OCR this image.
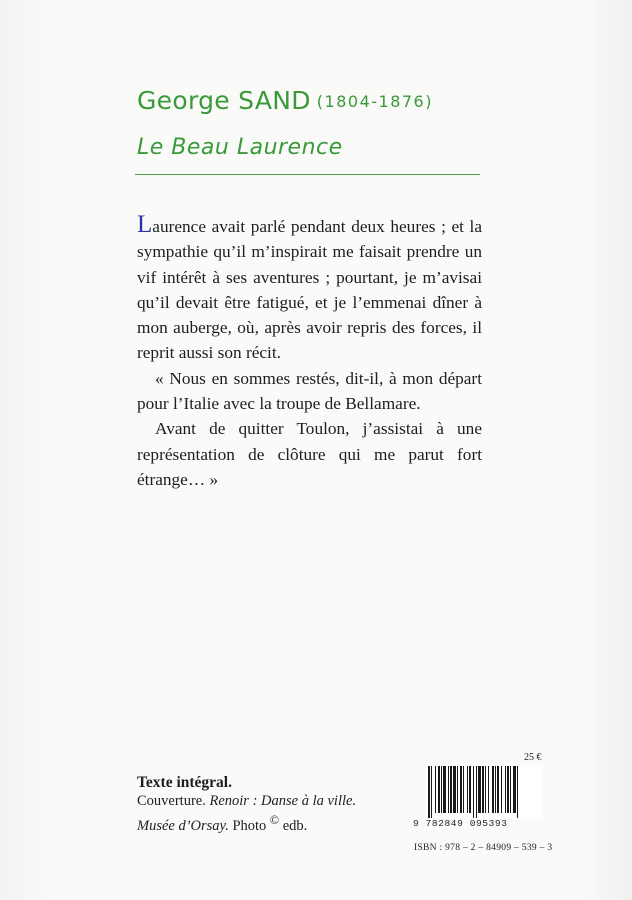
George SAND (1804-1876)
Le Beau Laurence

Laurence avait parlé pendant deux heures ; et la sympathie qu’il m’inspirait me faisait prendre un vif intérêt à ses aventures ; pourtant, je m’avisai qu’il devait être fatigué, et je l’emmenai dîner à mon auberge, où, après avoir repris des forces, il reprit aussi son récit.

« Nous en sommes restés, dit-il, à mon départ pour l’Italie avec la troupe de Bellamare.

Avant de quitter Toulon, j’assistai à une représentation de clôture qui me parut fort étrange… »

Texte intégral.
Couverture. Renoir : Danse à la ville.
Musée d’Orsay. Photo © edb.
25 €
9 782849 095393
ISBN : 978 – 2 – 84909 – 539 – 3
